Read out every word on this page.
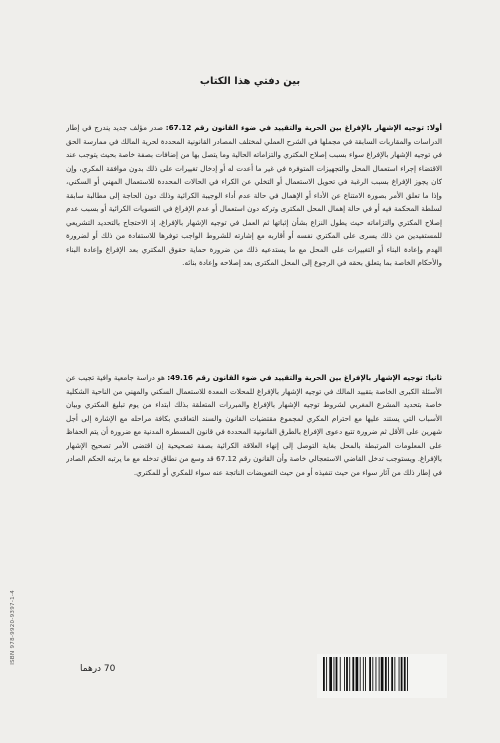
بين دفتي هذا الكتاب
أولا: توجيه الإشهار بالإفراغ بين الحرية والتقييد في ضوء القانون رقم 67.12: صدر مؤلف جديد يندرج في إطار الدراسات والمقاربات السابقة في مجملها في الشرح العملي لمختلف المصادر القانونية المحددة لحرية المالك في ممارسة الحق في توجيه الإشهار بالإفراغ سواء بسبب إصلاح المكتري والتزاماته الحالية وما يتصل بها من إضافات بصفة خاصة بحيث يتوجب عند الاقتضاء إجراء استعمال المحل والتجهيزات المتوفرة في غير ما أعدت له أو إدخال تغييرات على ذلك بدون موافقة المكري، وإن كان يجوز الإفراغ بسبب الرغبة في تحويل الاستعمال أو التخلي عن الكراء في الحالات المحددة للاستعمال المهني أو السكني، وإذا ما تعلق الأمر بصورة الامتناع عن الأداء أو الإهمال في حالة عدم أداء الوجيبة الكرائية وذلك دون الحاجة إلى مطالبة سابقة لسلطة المحكمة فيه أو في حالة إهمال المحل المكترى وتركه دون استعمال أو عدم الإفراغ في التسويات الكرائية أو بسبب عدم إصلاح المكتري والتزاماته حيث يطول النزاع بشأن إثباتها ثم العمل في توجيه الإشهار بالإفراغ، إذ الاحتجاج بالتحديد التشريعي للمستفيدين من ذلك يسرى على المكتري نفسه أو أقاربه مع إشارته للشروط الواجب توفرها للاستفادة من ذلك أو لضرورة الهدم وإعادة البناء أو التغييرات على المحل مع ما يستدعيه ذلك من ضرورة حماية حقوق المكتري بعد الإفراغ وإعادة البناء والأحكام الخاصة بما يتعلق بحقه في الرجوع إلى المحل المكترى بعد إصلاحه وإعادة بنائه.
ثانيا: توجيه الإشهار بالإفراغ بين الحرية والتقييد في ضوء القانون رقم 49.16: هو دراسة جامعية وافية تجيب عن الأسئلة الكبرى الخاصة بتقييد المالك في توجيه الإشهار بالإفراغ للمحلات المعدة للاستعمال السكني والمهني من الناحية الشكلية خاصة بتحديد المشرع المغربي لشروط توجيه الإشهار بالإفراغ والمبررات المتعلقة بذلك ابتداء من يوم تبليغ المكتري وبيان الأسباب التي يستند عليها مع احترام المكري لمجموع مقتضيات القانون والسند التعاقدي بكافة مراحله مع الإشارة إلى أجل شهرين على الأقل ثم ضرورة تتبع دعوى الإفراغ بالطرق القانونية المحددة في قانون المسطرة المدنية مع ضرورة أن يتم الحفاظ على المعلومات المرتبطة بالمحل بغاية التوصل إلى إنهاء العلاقة الكرائية بصفة تصحيحية إن اقتضى الأمر تصحيح الإشهار بالإفراغ. ويستوجب تدخل القاضي الاستعجالي خاصة وأن القانون رقم 67.12 قد وسع من نطاق تدخله مع ما يرتبه الحكم الصادر في إطار ذلك من آثار سواء من حيث تنفيذه أو من حيث التعويضات الناتجة عنه سواء للمكري أو للمكتري.
ISBN 978-9920-9397-1-4
70 درهما
